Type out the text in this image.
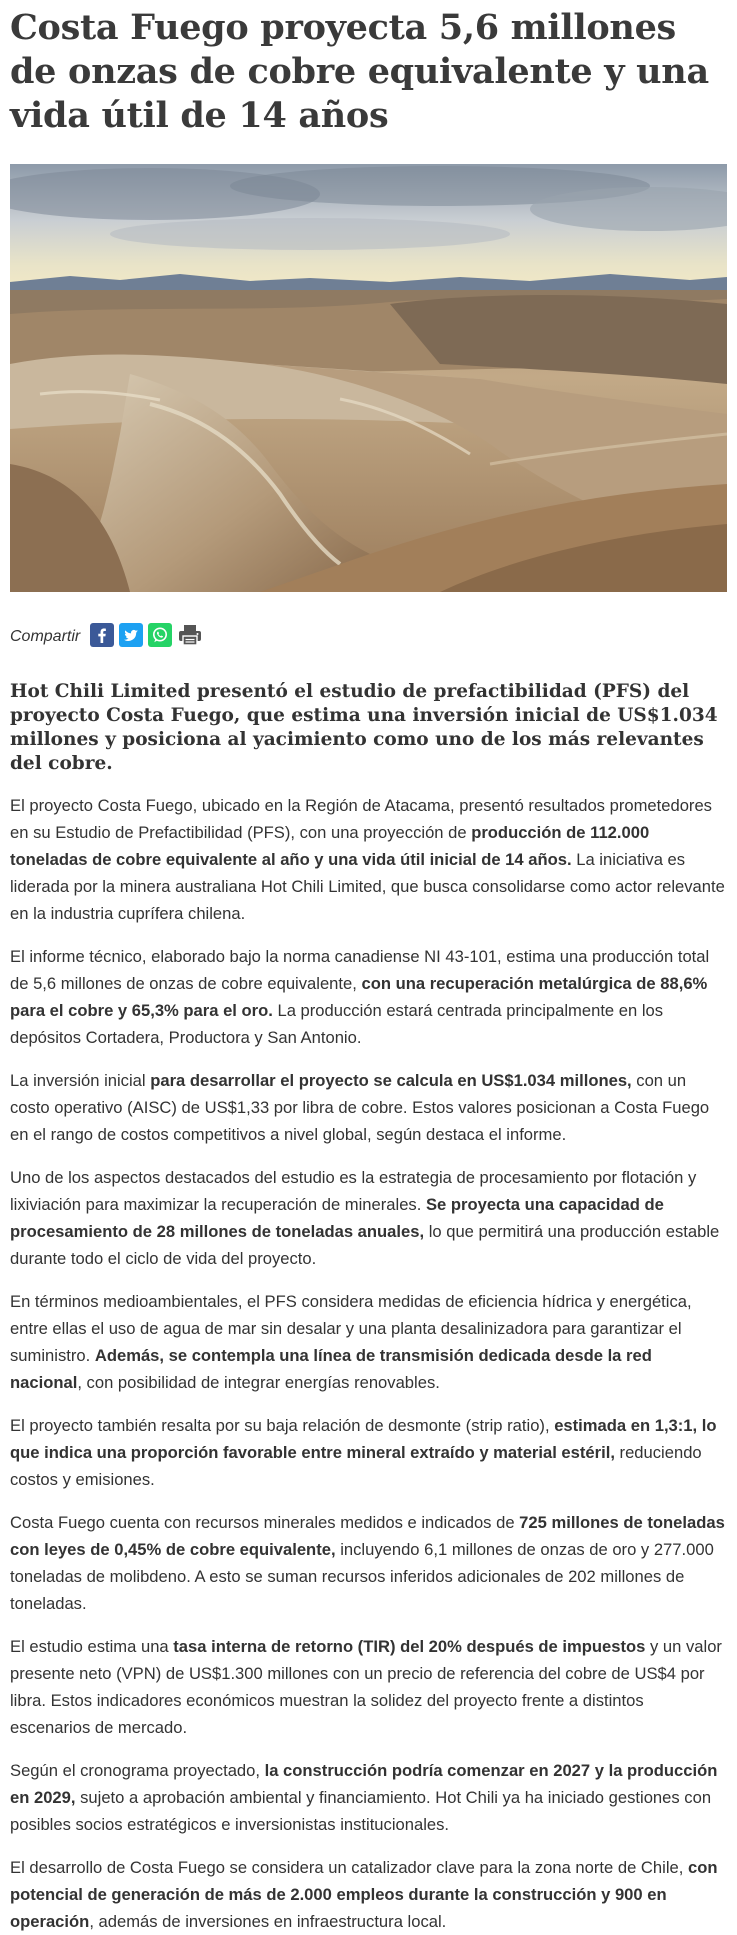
Costa Fuego proyecta 5,6 millones de onzas de cobre equivalente y una vida útil de 14 años
Compartir

Hot Chili Limited presentó el estudio de prefactibilidad (PFS) del proyecto Costa Fuego, que estima una inversión inicial de US$1.034 millones y posiciona al yacimiento como uno de los más relevantes del cobre.

El proyecto Costa Fuego, ubicado en la Región de Atacama, presentó resultados prometedores en su Estudio de Prefactibilidad (PFS), con una proyección de producción de 112.000 toneladas de cobre equivalente al año y una vida útil inicial de 14 años. La iniciativa es liderada por la minera australiana Hot Chili Limited, que busca consolidarse como actor relevante en la industria cuprífera chilena.

El informe técnico, elaborado bajo la norma canadiense NI 43-101, estima una producción total de 5,6 millones de onzas de cobre equivalente, con una recuperación metalúrgica de 88,6% para el cobre y 65,3% para el oro. La producción estará centrada principalmente en los depósitos Cortadera, Productora y San Antonio.

La inversión inicial para desarrollar el proyecto se calcula en US$1.034 millones, con un costo operativo (AISC) de US$1,33 por libra de cobre. Estos valores posicionan a Costa Fuego en el rango de costos competitivos a nivel global, según destaca el informe.

Uno de los aspectos destacados del estudio es la estrategia de procesamiento por flotación y lixiviación para maximizar la recuperación de minerales. Se proyecta una capacidad de procesamiento de 28 millones de toneladas anuales, lo que permitirá una producción estable durante todo el ciclo de vida del proyecto.

En términos medioambientales, el PFS considera medidas de eficiencia hídrica y energética, entre ellas el uso de agua de mar sin desalar y una planta desalinizadora para garantizar el suministro. Además, se contempla una línea de transmisión dedicada desde la red nacional, con posibilidad de integrar energías renovables.

El proyecto también resalta por su baja relación de desmonte (strip ratio), estimada en 1,3:1, lo que indica una proporción favorable entre mineral extraído y material estéril, reduciendo costos y emisiones.

Costa Fuego cuenta con recursos minerales medidos e indicados de 725 millones de toneladas con leyes de 0,45% de cobre equivalente, incluyendo 6,1 millones de onzas de oro y 277.000 toneladas de molibdeno. A esto se suman recursos inferidos adicionales de 202 millones de toneladas.

El estudio estima una tasa interna de retorno (TIR) del 20% después de impuestos y un valor presente neto (VPN) de US$1.300 millones con un precio de referencia del cobre de US$4 por libra. Estos indicadores económicos muestran la solidez del proyecto frente a distintos escenarios de mercado.

Según el cronograma proyectado, la construcción podría comenzar en 2027 y la producción en 2029, sujeto a aprobación ambiental y financiamiento. Hot Chili ya ha iniciado gestiones con posibles socios estratégicos e inversionistas institucionales.

El desarrollo de Costa Fuego se considera un catalizador clave para la zona norte de Chile, con potencial de generación de más de 2.000 empleos durante la construcción y 900 en operación, además de inversiones en infraestructura local.
